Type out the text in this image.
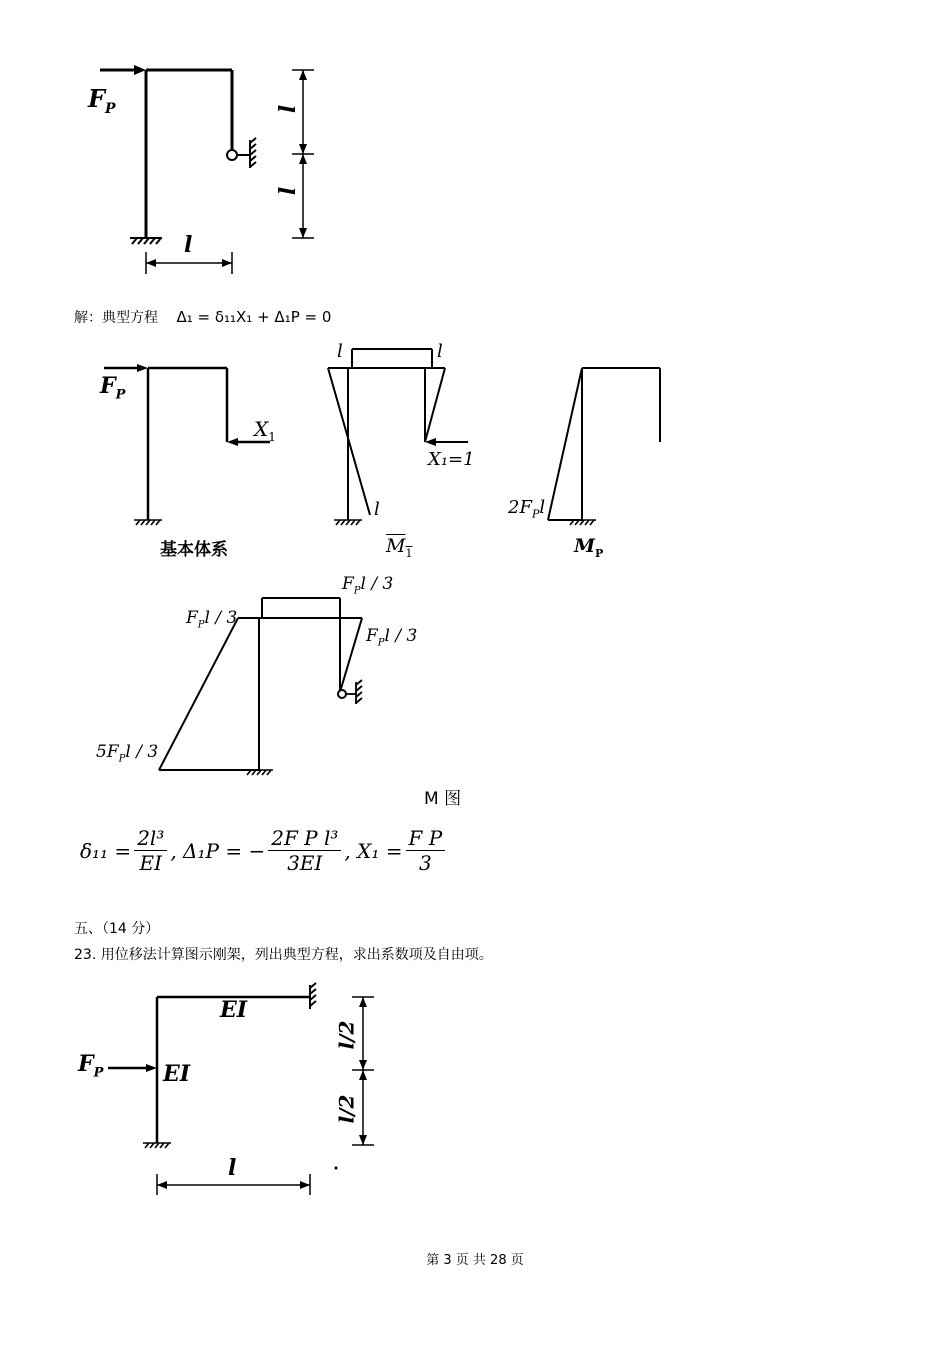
$F_P$	l
l
l
解：典型方程 Δ₁ = δ₁₁X₁ + Δ₁P = 0
$F_P$
$X_1$
基本体系
l	l
l
X₁=1
$M_1$
$2F_Pl$
$M_P$
$F_Pl / 3$
$F_Pl / 3$
$F_Pl / 3$
$5F_Pl / 3$
M 图
$\delta_{11} = \frac{\text{2l³}}{EI}$ , Δ₁P = − $\frac{\text{2F P l³}}{3EI}$ , $X_1 = \frac{\text{F P}}{3}$
五、（14 分）
23. 用位移法计算图示刚架，列出典型方程，求出系数项及自由项。
$F_P$
EI
EI
l/2
l/2
l
第 3 页 共 28 页
